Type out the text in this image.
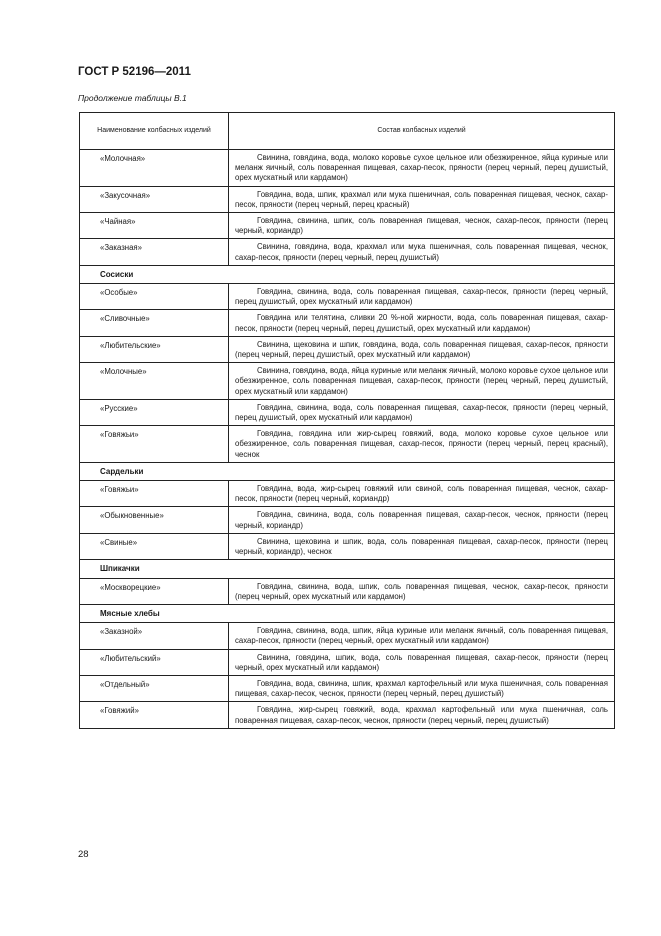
ГОСТ Р 52196—2011
Продолжение таблицы В.1
Наименование колбасных изделий	Состав колбасных изделий
«Молочная»	Свинина, говядина, вода, молоко коровье сухое цельное или обезжиренное, яйца куриные или меланж яичный, соль поваренная пищевая, сахар-песок, пряности (перец черный, перец душистый, орех мускатный или кардамон)
«Закусочная»	Говядина, вода, шпик, крахмал или мука пшеничная, соль поваренная пищевая, чеснок, сахар-песок, пряности (перец черный, перец красный)
«Чайная»	Говядина, свинина, шпик, соль поваренная пищевая, чеснок, сахар-песок, пряности (перец черный, кориандр)
«Заказная»	Свинина, говядина, вода, крахмал или мука пшеничная, соль поваренная пищевая, чеснок, сахар-песок, пряности (перец черный, перец душистый)
Сосиски	
«Особые»	Говядина, свинина, вода, соль поваренная пищевая, сахар-песок, пряности (перец черный, перец душистый, орех мускатный или кардамон)
«Сливочные»	Говядина или телятина, сливки 20 %-ной жирности, вода, соль поваренная пищевая, сахар-песок, пряности (перец черный, перец душистый, орех мускатный или кардамон)
«Любительские»	Свинина, щековина и шпик, говядина, вода, соль поваренная пищевая, сахар-песок, пряности (перец черный, перец душистый, орех мускатный или кардамон)
«Молочные»	Свинина, говядина, вода, яйца куриные или меланж яичный, молоко коровье сухое цельное или обезжиренное, соль поваренная пищевая, сахар-песок, пряности (перец черный, перец душистый, орех мускатный или кардамон)
«Русские»	Говядина, свинина, вода, соль поваренная пищевая, сахар-песок, пряности (перец черный, перец душистый, орех мускатный или кардамон)
«Говяжьи»	Говядина, говядина или жир-сырец говяжий, вода, молоко коровье сухое цельное или обезжиренное, соль поваренная пищевая, сахар-песок, пряности (перец черный, перец красный), чеснок
Сардельки	
«Говяжьи»	Говядина, вода, жир-сырец говяжий или свиной, соль поваренная пищевая, чеснок, сахар-песок, пряности (перец черный, кориандр)
«Обыкновенные»	Говядина, свинина, вода, соль поваренная пищевая, сахар-песок, чеснок, пряности (перец черный, кориандр)
«Свиные»	Свинина, щековина и шпик, вода, соль поваренная пищевая, сахар-песок, пряности (перец черный, кориандр), чеснок
Шпикачки	
«Москворецкие»	Говядина, свинина, вода, шпик, соль поваренная пищевая, чеснок, сахар-песок, пряности (перец черный, орех мускатный или кардамон)
Мясные хлебы	
«Заказной»	Говядина, свинина, вода, шпик, яйца куриные или меланж яичный, соль поваренная пищевая, сахар-песок, пряности (перец черный, орех мускатный или кардамон)
«Любительский»	Свинина, говядина, шпик, вода, соль поваренная пищевая, сахар-песок, пряности (перец черный, орех мускатный или кардамон)
«Отдельный»	Говядина, вода, свинина, шпик, крахмал картофельный или мука пшеничная, соль поваренная пищевая, сахар-песок, чеснок, пряности (перец черный, перец душистый)
«Говяжий»	Говядина, жир-сырец говяжий, вода, крахмал картофельный или мука пшеничная, соль поваренная пищевая, сахар-песок, чеснок, пряности (перец черный, перец душистый)
28
